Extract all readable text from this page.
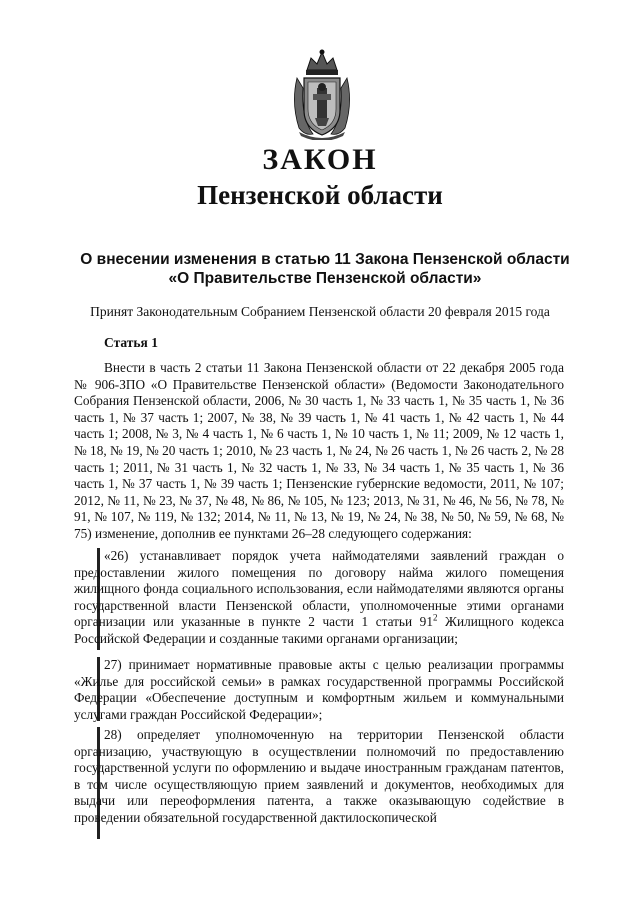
ЗАКОН
Пензенской области
О внесении изменения в статью 11 Закона Пензенской области
«О Правительстве Пензенской области»
Принят Законодательным Собранием Пензенской области 20 февраля 2015 года
Статья 1
Внести в часть 2 статьи 11 Закона Пензенской области от 22 декабря 2005 года № 906-ЗПО «О Правительстве Пензенской области» (Ведомости Законодательного Собрания Пензенской области, 2006, № 30 часть 1, № 33 часть 1, № 35 часть 1, № 36 часть 1, № 37 часть 1; 2007, № 38, № 39 часть 1, № 41 часть 1, № 42 часть 1, № 44 часть 1; 2008, № 3, № 4 часть 1, № 6 часть 1, № 10 часть 1, № 11; 2009, № 12 часть 1, № 18, № 19, № 20 часть 1; 2010, № 23 часть 1, № 24, № 26 часть 1, № 26 часть 2, № 28 часть 1; 2011, № 31 часть 1, № 32 часть 1, № 33, № 34 часть 1, № 35 часть 1, № 36 часть 1, № 37 часть 1, № 39 часть 1; Пензенские губернские ведомости, 2011, № 107; 2012, № 11, № 23, № 37, № 48, № 86, № 105, № 123; 2013, № 31, № 46, № 56, № 78, № 91, № 107, № 119, № 132; 2014, № 11, № 13, № 19, № 24, № 38, № 50, № 59, № 68, № 75) изменение, дополнив ее пунктами 26–28 следующего содержания:
«26) устанавливает порядок учета наймодателями заявлений граждан о предоставлении жилого помещения по договору найма жилого помещения жилищного фонда социального использования, если наймодателями являются органы государственной власти Пензенской области, уполномоченные этими органами организации или указанные в пункте 2 части 1 статьи $91^2$ Жилищного кодекса Российской Федерации и созданные такими органами организации;
27) принимает нормативные правовые акты с целью реализации программы «Жилье для российской семьи» в рамках государственной программы Российской Федерации «Обеспечение доступным и комфортным жильем и коммунальными услугами граждан Российской Федерации»;
28) определяет уполномоченную на территории Пензенской области организацию, участвующую в осуществлении полномочий по предоставлению государственной услуги по оформлению и выдаче иностранным гражданам патентов, в том числе осуществляющую прием заявлений и документов, необходимых для выдачи или переоформления патента, а также оказывающую содействие в проведении обязательной государственной дактилоскопической
